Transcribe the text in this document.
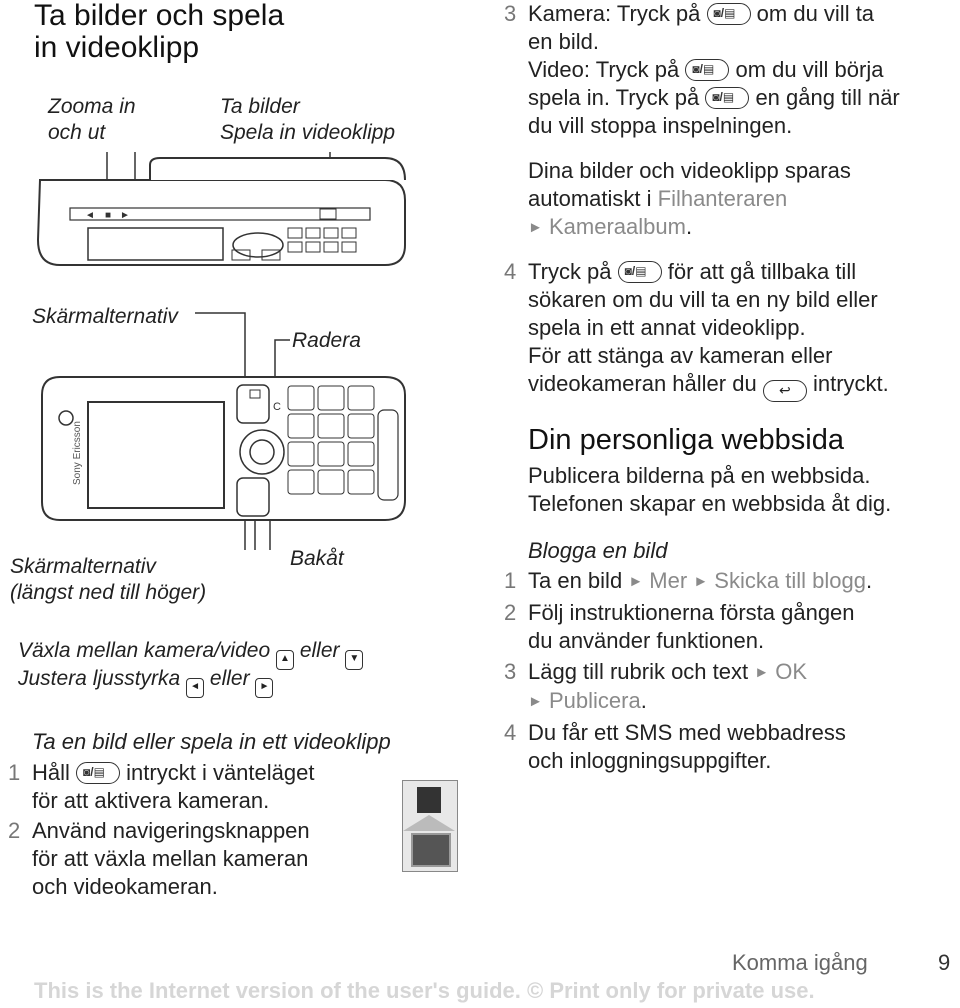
Ta bilder och spela
in videoklipp
Zooma in
och ut
Ta bilder
Spela in videoklipp
◄ ■ ►
Sony Ericsson
C
Skärmalternativ
Radera
Skärmalternativ
(längst ned till höger)
Bakåt
Växla mellan kamera/video ▲ eller ▼
Justera ljusstyrka ◄ eller ►
Ta en bild eller spela in ett videoklipp
1 Håll ◙/▤ intryckt i vänteläget
för att aktivera kameran.
2 Använd navigeringsknappen
för att växla mellan kameran
och videokameran.
3 Kamera: Tryck på ◙/▤ om du vill ta
en bild.
Video: Tryck på ◙/▤ om du vill börja
spela in. Tryck på ◙/▤ en gång till när
du vill stoppa inspelningen.
Dina bilder och videoklipp sparas
automatiskt i Filhanteraren
► Kameraalbum.
4 Tryck på ◙/▤ för att gå tillbaka till
sökaren om du vill ta en ny bild eller
spela in ett annat videoklipp.
För att stänga av kameran eller
videokameran håller du ↩ intryckt.
Din personliga webbsida
Publicera bilderna på en webbsida.
Telefonen skapar en webbsida åt dig.
Blogga en bild
1 Ta en bild ► Mer ► Skicka till blogg.
2 Följ instruktionerna första gången
du använder funktionen.
3 Lägg till rubrik och text ► OK
► Publicera.
4 Du får ett SMS med webbadress
och inloggningsuppgifter.
Komma igång	9
This is the Internet version of the user's guide. © Print only for private use.
